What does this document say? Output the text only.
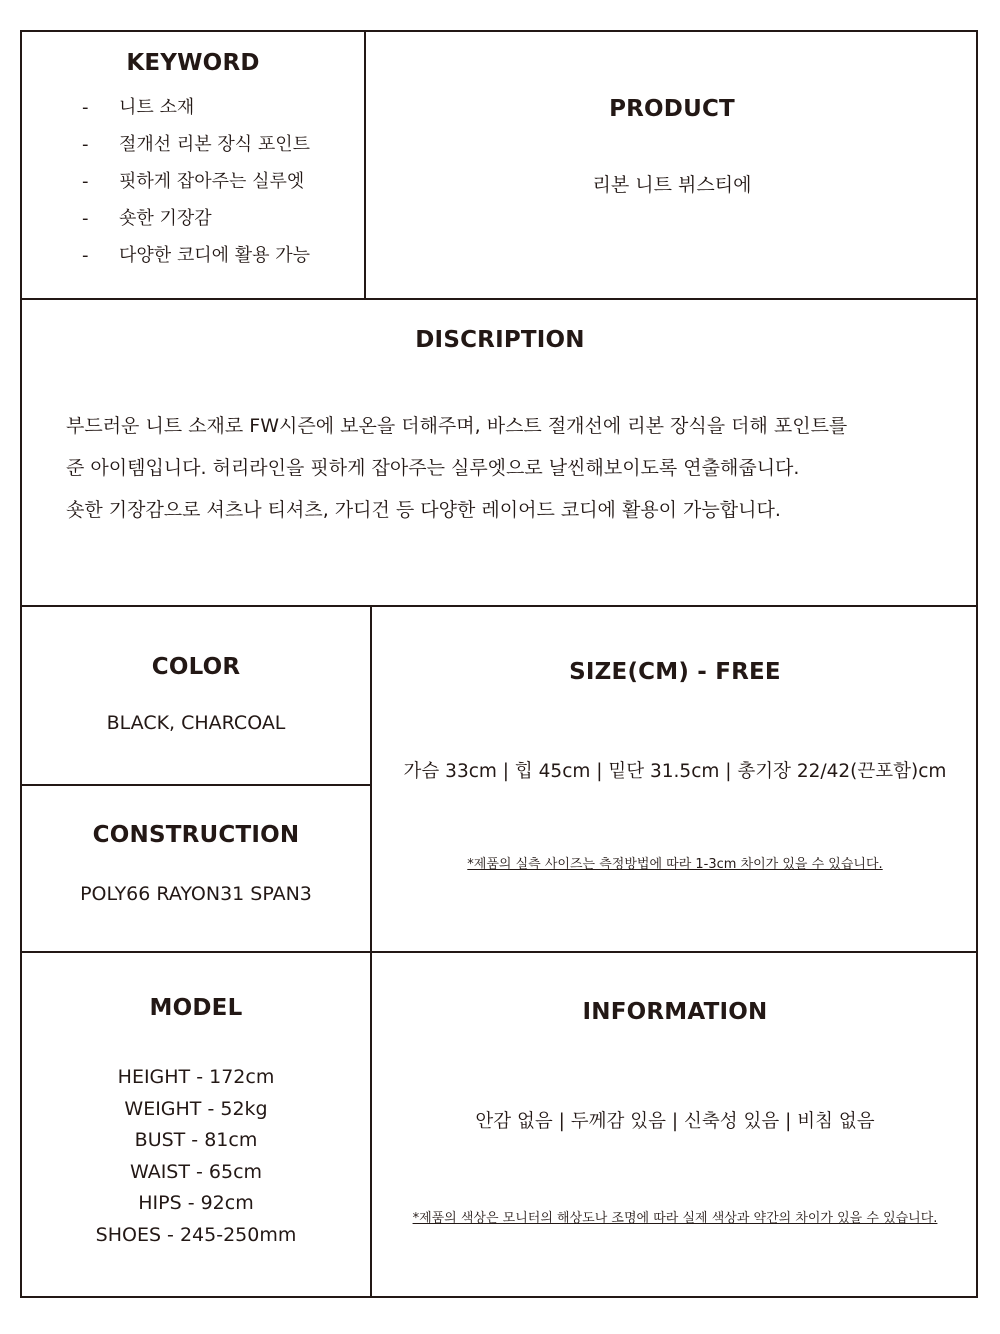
KEYWORD
-	니트 소재
-	절개선 리본 장식 포인트
-	핏하게 잡아주는 실루엣
-	숏한 기장감
-	다양한 코디에 활용 가능
PRODUCT
리본 니트 뷔스티에
DISCRIPTION

부드러운 니트 소재로 FW시즌에 보온을 더해주며, 바스트 절개선에 리본 장식을 더해 포인트를

준 아이템입니다. 허리라인을 핏하게 잡아주는 실루엣으로 날씬해보이도록 연출해줍니다.

숏한 기장감으로 셔츠나 티셔츠, 가디건 등 다양한 레이어드 코디에 활용이 가능합니다.

COLOR
BLACK, CHARCOAL
CONSTRUCTION
POLY66 RAYON31 SPAN3
SIZE(CM) - FREE
가슴 33cm | 힙 45cm | 밑단 31.5cm | 총기장 22/42(끈포함)cm
*제품의 실측 사이즈는 측정방법에 따라 1-3cm 차이가 있을 수 있습니다.
MODEL
HEIGHT - 172cm
WEIGHT - 52kg
BUST - 81cm
WAIST - 65cm
HIPS - 92cm
SHOES - 245-250mm
INFORMATION
안감 없음 | 두께감 있음 | 신축성 있음 | 비침 없음
*제품의 색상은 모니터의 해상도나 조명에 따라 실제 색상과 약간의 차이가 있을 수 있습니다.
